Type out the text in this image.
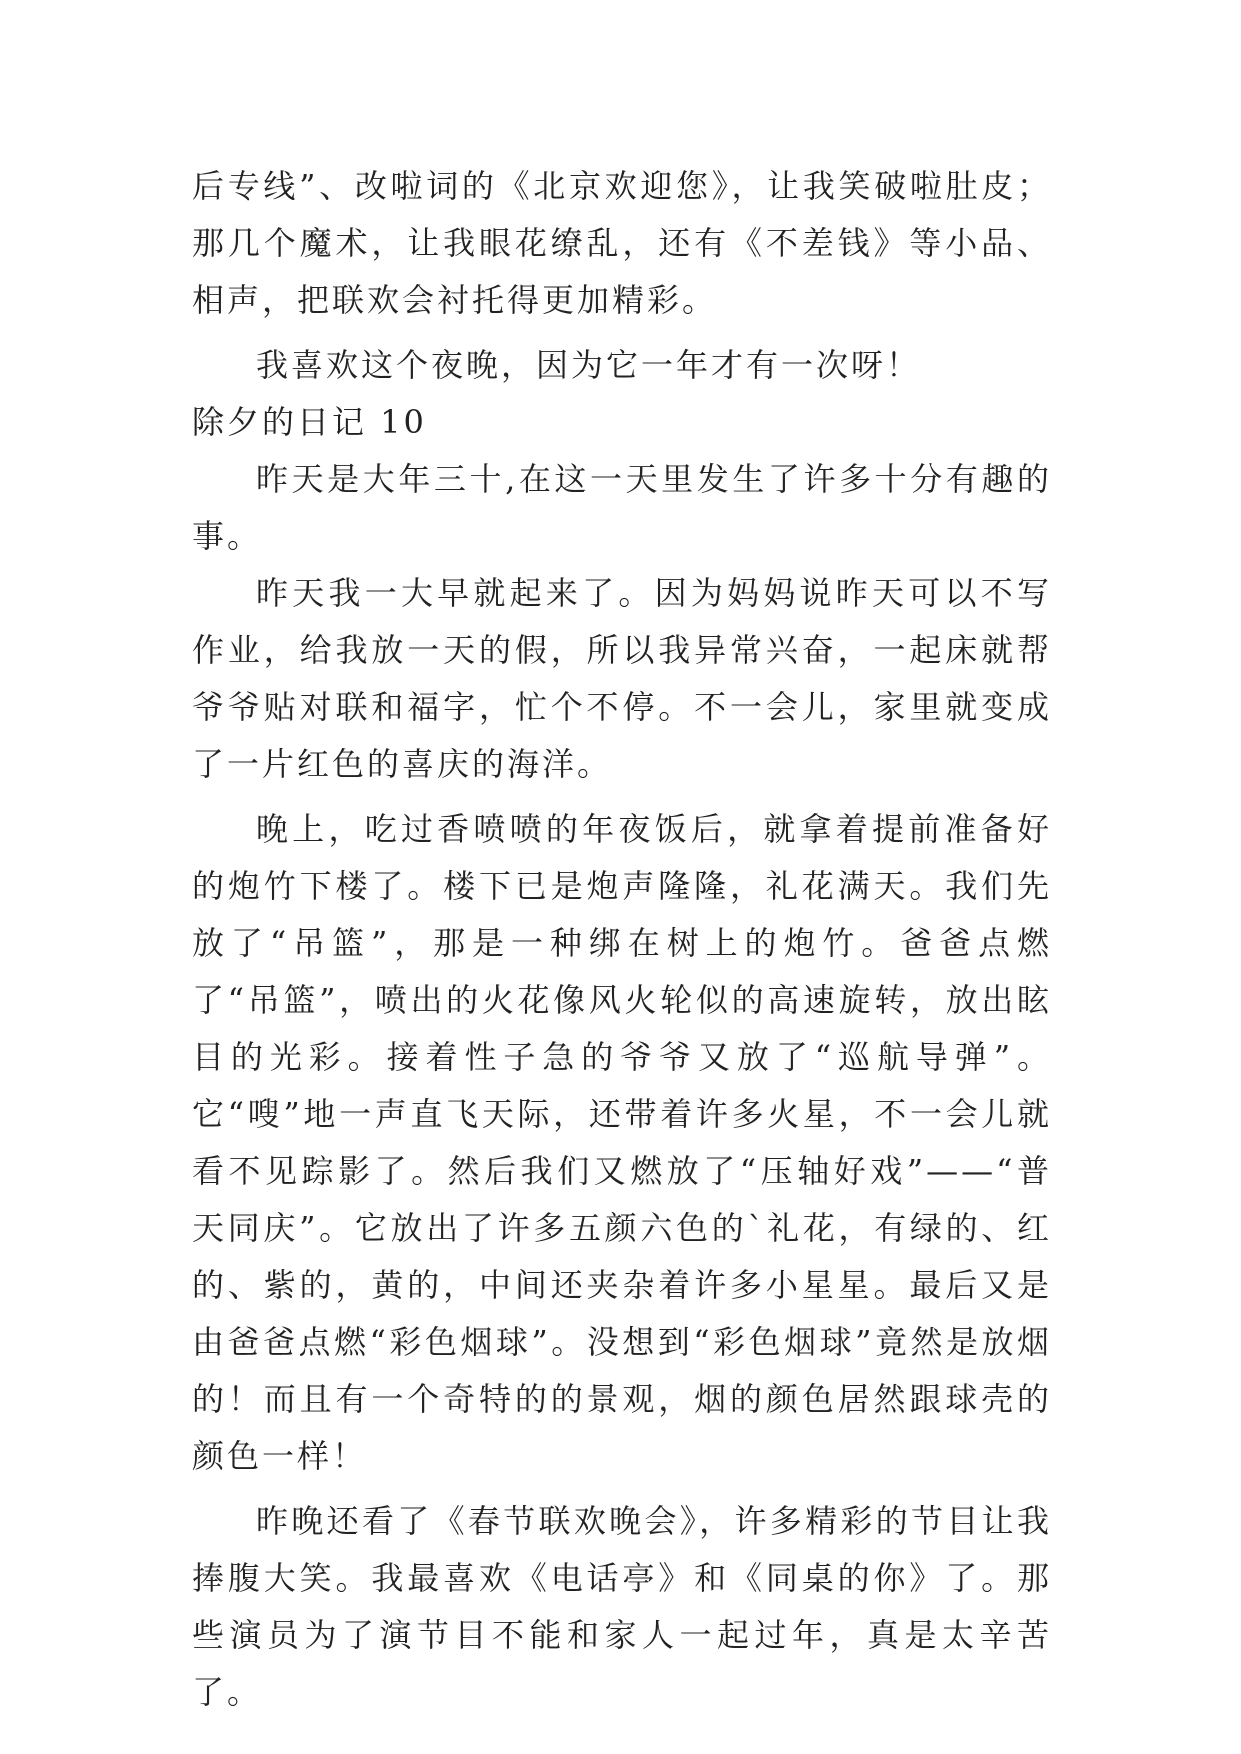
后专线”、改啦词的《北京欢迎您》，让我笑破啦肚皮；那几个魔术，让我眼花缭乱，还有《不差钱》等小品、相声，把联欢会衬托得更加精彩。

我喜欢这个夜晚，因为它一年才有一次呀！

除夕的日记 10

昨天是大年三十,在这一天里发生了许多十分有趣的事。

昨天我一大早就起来了。因为妈妈说昨天可以不写作业，给我放一天的假，所以我异常兴奋，一起床就帮爷爷贴对联和福字，忙个不停。不一会儿，家里就变成了一片红色的喜庆的海洋。

晚上，吃过香喷喷的年夜饭后，就拿着提前准备好的炮竹下楼了。楼下已是炮声隆隆，礼花满天。我们先放了“吊篮”，那是一种绑在树上的炮竹。爸爸点燃了“吊篮”，喷出的火花像风火轮似的高速旋转，放出眩目的光彩。接着性子急的爷爷又放了“巡航导弹”。它“嗖”地一声直飞天际，还带着许多火星，不一会儿就看不见踪影了。然后我们又燃放了“压轴好戏”——“普天同庆”。它放出了许多五颜六色的`礼花，有绿的、红的、紫的，黄的，中间还夹杂着许多小星星。最后又是由爸爸点燃“彩色烟球”。没想到“彩色烟球”竟然是放烟的！而且有一个奇特的的景观，烟的颜色居然跟球壳的颜色一样！

昨晚还看了《春节联欢晚会》，许多精彩的节目让我捧腹大笑。我最喜欢《电话亭》和《同桌的你》了。那些演员为了演节目不能和家人一起过年，真是太辛苦了。
